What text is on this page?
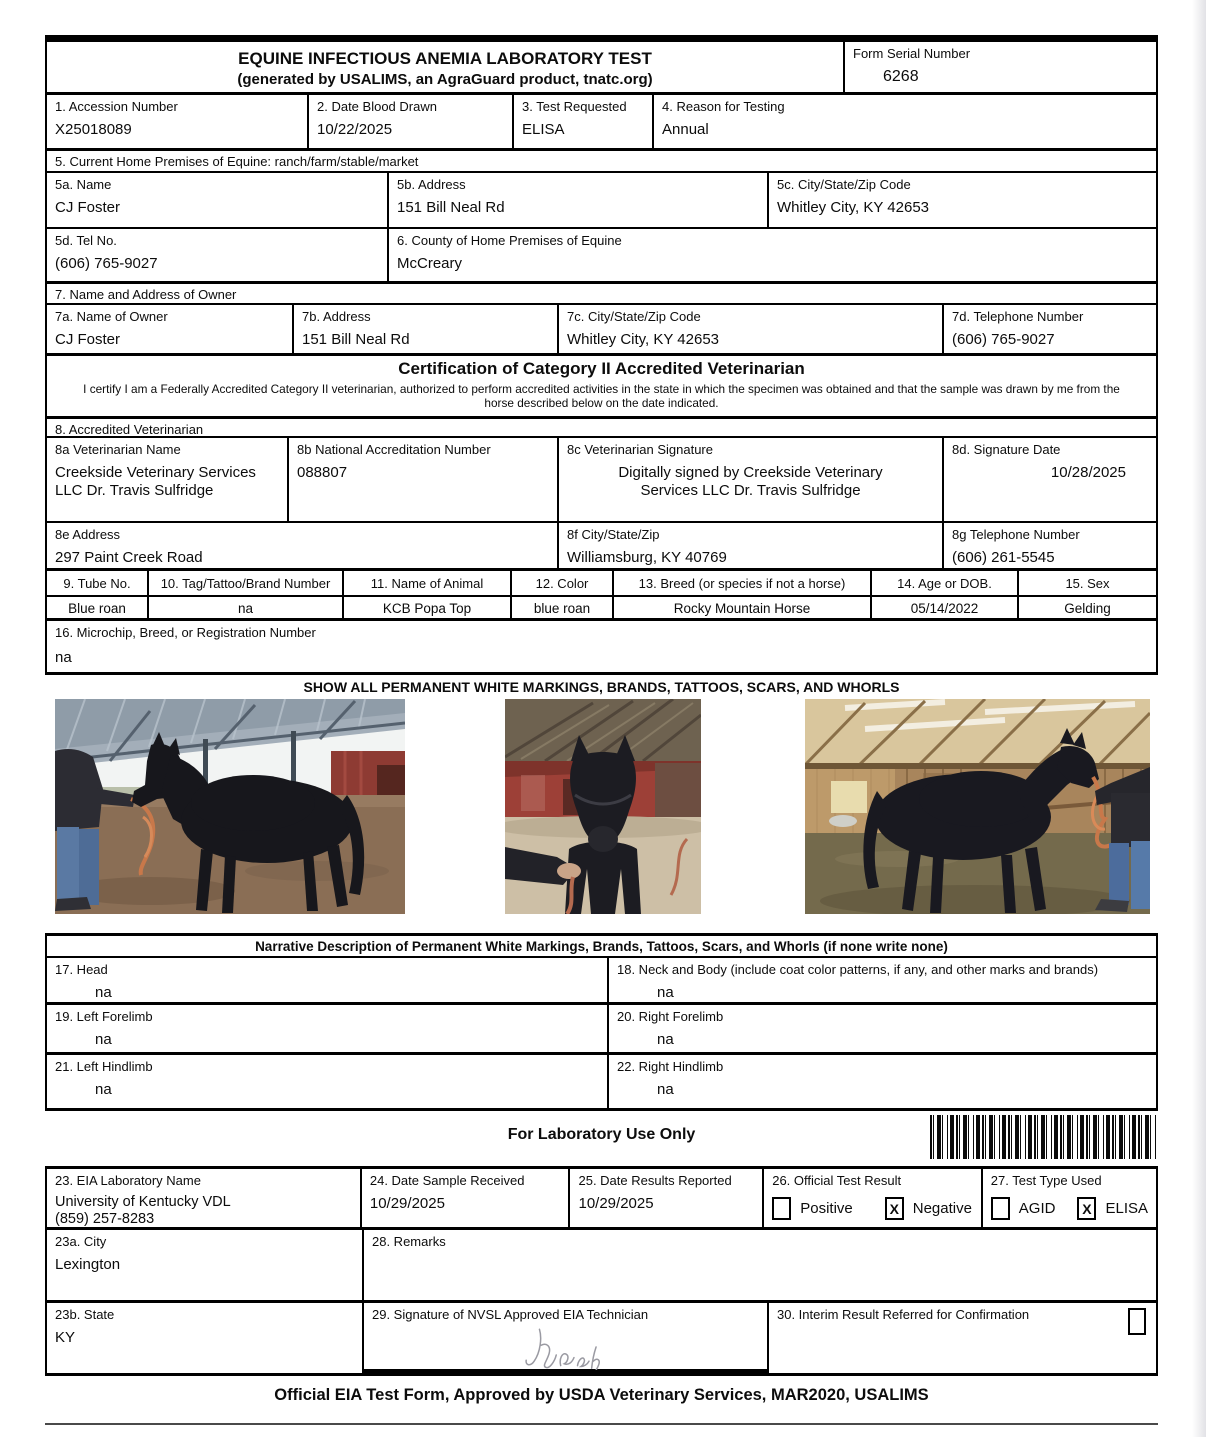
EQUINE INFECTIOUS ANEMIA LABORATORY TEST
(generated by USALIMS, an AgraGuard product, tnatc.org)
Form Serial Number
6268
1. Accession Number
X25018089
2. Date Blood Drawn
10/22/2025
3. Test Requested
ELISA
4. Reason for Testing
Annual
5. Current Home Premises of Equine: ranch/farm/stable/market
5a. Name
CJ Foster
5b. Address
151 Bill Neal Rd
5c. City/State/Zip Code
Whitley City, KY 42653
5d. Tel No.
(606) 765-9027
6. County of Home Premises of Equine
McCreary
7. Name and Address of Owner
7a. Name of Owner
CJ Foster
7b. Address
151 Bill Neal Rd
7c. City/State/Zip Code
Whitley City, KY 42653
7d. Telephone Number
(606) 765-9027
Certification of Category II Accredited Veterinarian
I certify I am a Federally Accredited Category II veterinarian, authorized to perform accredited activities in the state in which the specimen was obtained and that the sample was drawn by me from the horse described below on the date indicated.
8. Accredited Veterinarian
8a Veterinarian Name
Creekside Veterinary Services LLC Dr. Travis Sulfridge
8b National Accreditation Number
088807
8c Veterinarian Signature
Digitally signed by Creekside Veterinary Services LLC Dr. Travis Sulfridge
8d. Signature Date
10/28/2025
8e Address
297 Paint Creek Road
8f City/State/Zip
Williamsburg, KY 40769
8g Telephone Number
(606) 261-5545
9. Tube No.	10. Tag/Tattoo/Brand Number	11. Name of Animal	12. Color	13. Breed (or species if not a horse)	14. Age or DOB.	15. Sex
Blue roan	na	KCB Popa Top	blue roan	Rocky Mountain Horse	05/14/2022	Gelding
16. Microchip, Breed, or Registration Number
na
SHOW ALL PERMANENT WHITE MARKINGS, BRANDS, TATTOOS, SCARS, AND WHORLS
Narrative Description of Permanent White Markings, Brands, Tattoos, Scars, and Whorls (if none write none)
17. Head
na
18. Neck and Body (include coat color patterns, if any, and other marks and brands)
na
19. Left Forelimb
na
20. Right Forelimb
na
21. Left Hindlimb
na
22. Right Hindlimb
na
For Laboratory Use Only
23. EIA Laboratory Name
University of Kentucky VDL
(859) 257-8283
24. Date Sample Received
10/29/2025
25. Date Results Reported
10/29/2025
26. Official Test Result
Positive	X Negative
27. Test Type Used
AGID	X ELISA
23a. City
Lexington
28. Remarks
23b. State
KY
29. Signature of NVSL Approved EIA Technician	30. Interim Result Referred for Confirmation
Official EIA Test Form, Approved by USDA Veterinary Services, MAR2020, USALIMS
